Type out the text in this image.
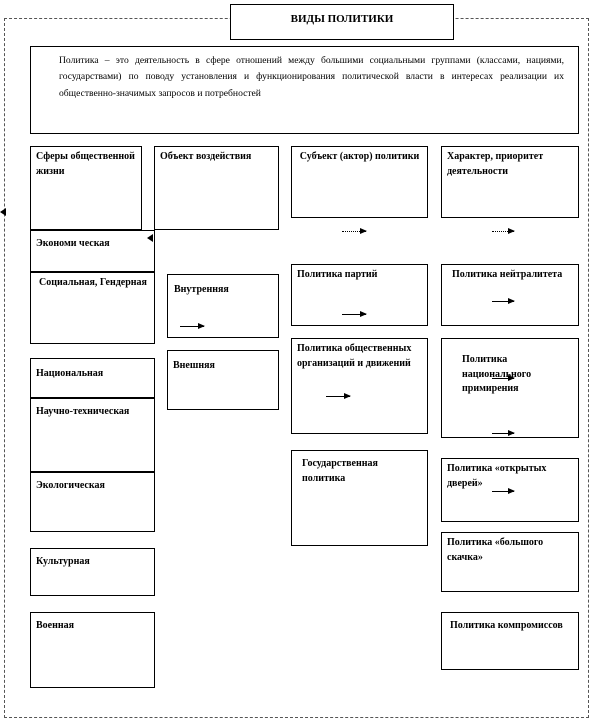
ВИДЫ ПОЛИТИКИ
Политика – это деятельность в сфере отношений между большими социальными группами (классами, нациями, государствами) по поводу установления и функционирования политической власти в интересах реализации их общественно-значимых запросов и потребностей
Сферы общественной жизни
Экономи ческая
Социальная, Гендерная
Национальная
Научно-техническая
Экологическая
Культурная
Военная
Объект воздействия
Внутренняя
Внешняя
Субъект (актор) политики
Политика партий
Политика общественных организаций и движений
Государственная политика
Характер, приоритет деятельности
Политика нейтралитета
Политика национального примирения
Политика «открытых дверей»
Политика «большого скачка»
Политика компромиссов
